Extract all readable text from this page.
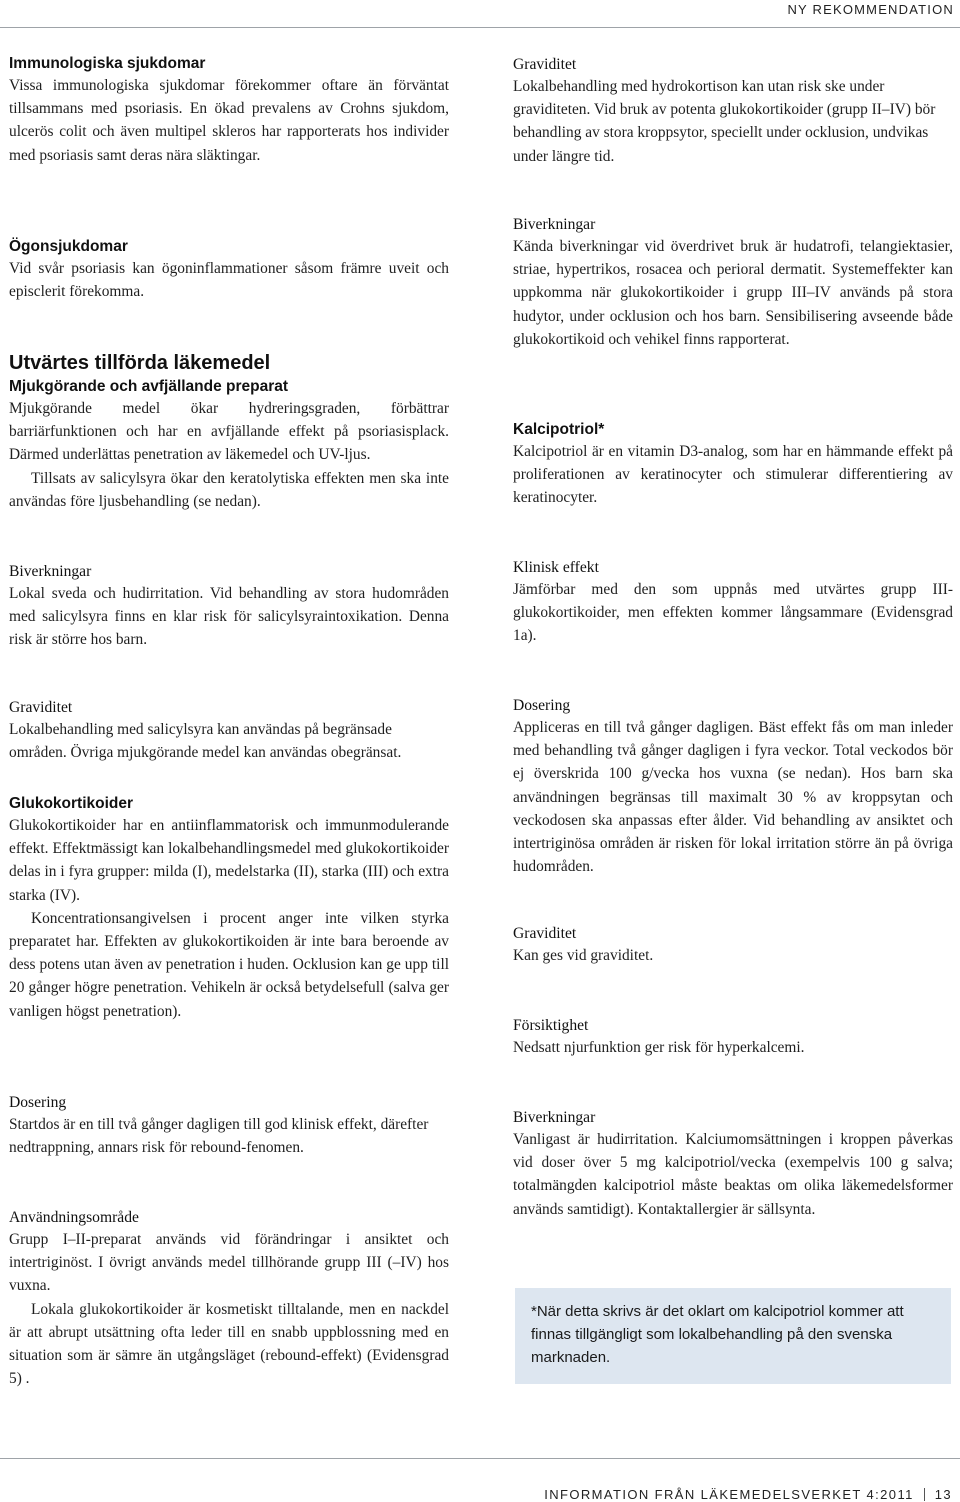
NY REKOMMENDATION
Immunologiska sjukdomar

Vissa immunologiska sjukdomar förekommer oftare än förväntat tillsammans med psoriasis. En ökad prevalens av Crohns sjukdom, ulcerös colit och även multipel skleros har rapporterats hos individer med psoriasis samt deras nära släktingar.

Ögonsjukdomar

Vid svår psoriasis kan ögoninflammationer såsom främre uveit och episclerit förekomma.

Utvärtes tillförda läkemedel
Mjukgörande och avfjällande preparat

Mjukgörande medel ökar hydreringsgraden, förbättrar barriärfunktionen och har en avfjällande effekt på psoriasisplack. Därmed underlättas penetration av läkemedel och UV-ljus.

Tillsats av salicylsyra ökar den keratolytiska effekten men ska inte användas före ljusbehandling (se nedan).

Biverkningar

Lokal sveda och hudirritation. Vid behandling av stora hudområden med salicylsyra finns en klar risk för salicylsyraintoxikation. Denna risk är större hos barn.

Graviditet

Lokalbehandling med salicylsyra kan användas på begränsade områden. Övriga mjukgörande medel kan användas obegränsat.

Glukokortikoider

Glukokortikoider har en antiinflammatorisk och immunmodulerande effekt. Effektmässigt kan lokalbehandlingsmedel med glukokortikoider delas in i fyra grupper: milda (I), medelstarka (II), starka (III) och extra starka (IV).

Koncentrationsangivelsen i procent anger inte vilken styrka preparatet har. Effekten av glukokortikoiden är inte bara beroende av dess potens utan även av penetration i huden. Ocklusion kan ge upp till 20 gånger högre penetration. Vehikeln är också betydelsefull (salva ger vanligen högst penetration).

Dosering

Startdos är en till två gånger dagligen till god klinisk effekt, därefter nedtrappning, annars risk för rebound-fenomen.

Användningsområde

Grupp I–II-preparat används vid förändringar i ansiktet och intertriginöst. I övrigt används medel tillhörande grupp III (–IV) hos vuxna.

Lokala glukokortikoider är kosmetiskt tilltalande, men en nackdel är att abrupt utsättning ofta leder till en snabb uppblossning med en situation som är sämre än utgångsläget (rebound-effekt) (Evidensgrad 5) .

Graviditet

Lokalbehandling med hydrokortison kan utan risk ske under graviditeten. Vid bruk av potenta glukokortikoider (grupp II–IV) bör behandling av stora kroppsytor, speciellt under ocklusion, undvikas under längre tid.

Biverkningar

Kända biverkningar vid överdrivet bruk är hudatrofi, telangiektasier, striae, hypertrikos, rosacea och perioral dermatit. Systemeffekter kan uppkomma när glukokortikoider i grupp III–IV används på stora hudytor, under ocklusion och hos barn. Sensibilisering avseende både glukokortikoid och vehikel finns rapporterat.

Kalcipotriol*

Kalcipotriol är en vitamin D3-analog, som har en hämmande effekt på proliferationen av keratinocyter och stimulerar differentiering av keratinocyter.

Klinisk effekt

Jämförbar med den som uppnås med utvärtes grupp III-glukokortikoider, men effekten kommer långsammare (Evidensgrad 1a).

Dosering

Appliceras en till två gånger dagligen. Bäst effekt fås om man inleder med behandling två gånger dagligen i fyra veckor. Total veckodos bör ej överskrida 100 g/vecka hos vuxna (se nedan). Hos barn ska användningen begränsas till maximalt 30 % av kroppsytan och veckodosen ska anpassas efter ålder. Vid behandling av ansiktet och intertriginösa områden är risken för lokal irritation större än på övriga hudområden.

Graviditet

Kan ges vid graviditet.

Försiktighet

Nedsatt njurfunktion ger risk för hyperkalcemi.

Biverkningar

Vanligast är hudirritation. Kalciumomsättningen i kroppen påverkas vid doser över 5 mg kalcipotriol/vecka (exempelvis 100 g salva; totalmängden kalcipotriol måste beaktas om olika läkemedelsformer används samtidigt). Kontaktallergier är sällsynta.

*När detta skrivs är det oklart om kalcipotriol kommer att finnas tillgängligt som lokalbehandling på den svenska marknaden.
INFORMATION FRÅN LÄKEMEDELSVERKET 4:2011 13
